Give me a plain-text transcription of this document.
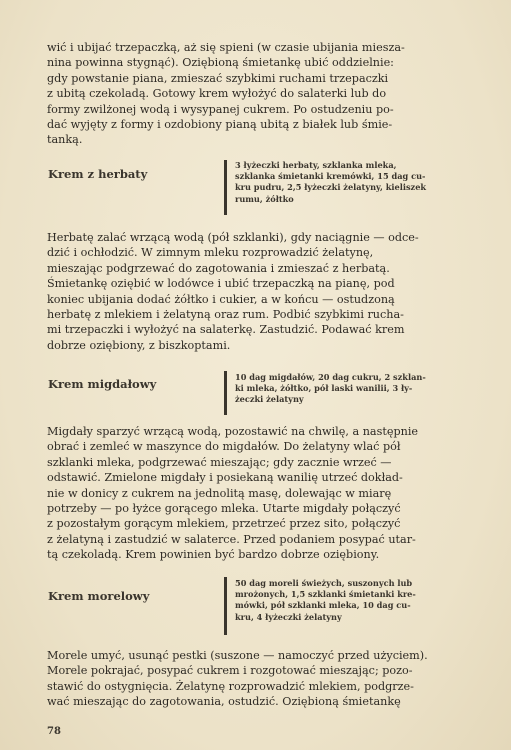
wić i ubijać trzepaczką, aż się spieni (w czasie ubijania miesza-
nina powinna stygnąć). Oziębioną śmietankę ubić oddzielnie:
gdy powstanie piana, zmieszać szybkimi ruchami trzepaczki
z ubitą czekoladą. Gotowy krem wyłożyć do salaterki lub do
formy zwilżonej wodą i wysypanej cukrem. Po ostudzeniu po-
dać wyjęty z formy i ozdobiony pianą ubitą z białek lub śmie-
tanką.
Krem z herbaty
3 łyżeczki herbaty, szklanka mleka,
szklanka śmietanki kremówki, 15 dag cu-
kru pudru, 2,5 łyżeczki żelatyny, kieliszek
rumu, żółtko
Herbatę zalać wrzącą wodą (pół szklanki), gdy naciągnie — odce-
dzić i ochłodzić. W zimnym mleku rozprowadzić żelatynę,
mieszając podgrzewać do zagotowania i zmieszać z herbatą.
Śmietankę oziębić w lodówce i ubić trzepaczką na pianę, pod
koniec ubijania dodać żółtko i cukier, a w końcu — ostudzoną
herbatę z mlekiem i żelatyną oraz rum. Podbić szybkimi rucha-
mi trzepaczki i wyłożyć na salaterkę. Zastudzić. Podawać krem
dobrze oziębiony, z biszkoptami.
Krem migdałowy	10 dag migdałów, 20 dag cukru, 2 szklan-
ki mleka, żółtko, pół laski wanilii, 3 ły-
żeczki żelatyny
Migdały sparzyć wrzącą wodą, pozostawić na chwilę, a następnie
obrać i zemleć w maszynce do migdałów. Do żelatyny wlać pół
szklanki mleka, podgrzewać mieszając; gdy zacznie wrzeć —
odstawić. Zmielone migdały i posiekaną wanilię utrzeć dokład-
nie w donicy z cukrem na jednolitą masę, dolewając w miarę
potrzeby — po łyżce gorącego mleka. Utarte migdały połączyć
z pozostałym gorącym mlekiem, przetrzeć przez sito, połączyć
z żelatyną i zastudzić w salaterce. Przed podaniem posypać utar-
tą czekoladą. Krem powinien być bardzo dobrze oziębiony.
Krem morelowy
50 dag moreli świeżych, suszonych lub
mrożonych, 1,5 szklanki śmietanki kre-
mówki, pół szklanki mleka, 10 dag cu-
kru, 4 łyżeczki żelatyny
Morele umyć, usunąć pestki (suszone — namoczyć przed użyciem).
Morele pokrajać, posypać cukrem i rozgotować mieszając; pozo-
stawić do ostygnięcia. Żelatynę rozprowadzić mlekiem, podgrze-
wać mieszając do zagotowania, ostudzić. Oziębioną śmietankę
78
